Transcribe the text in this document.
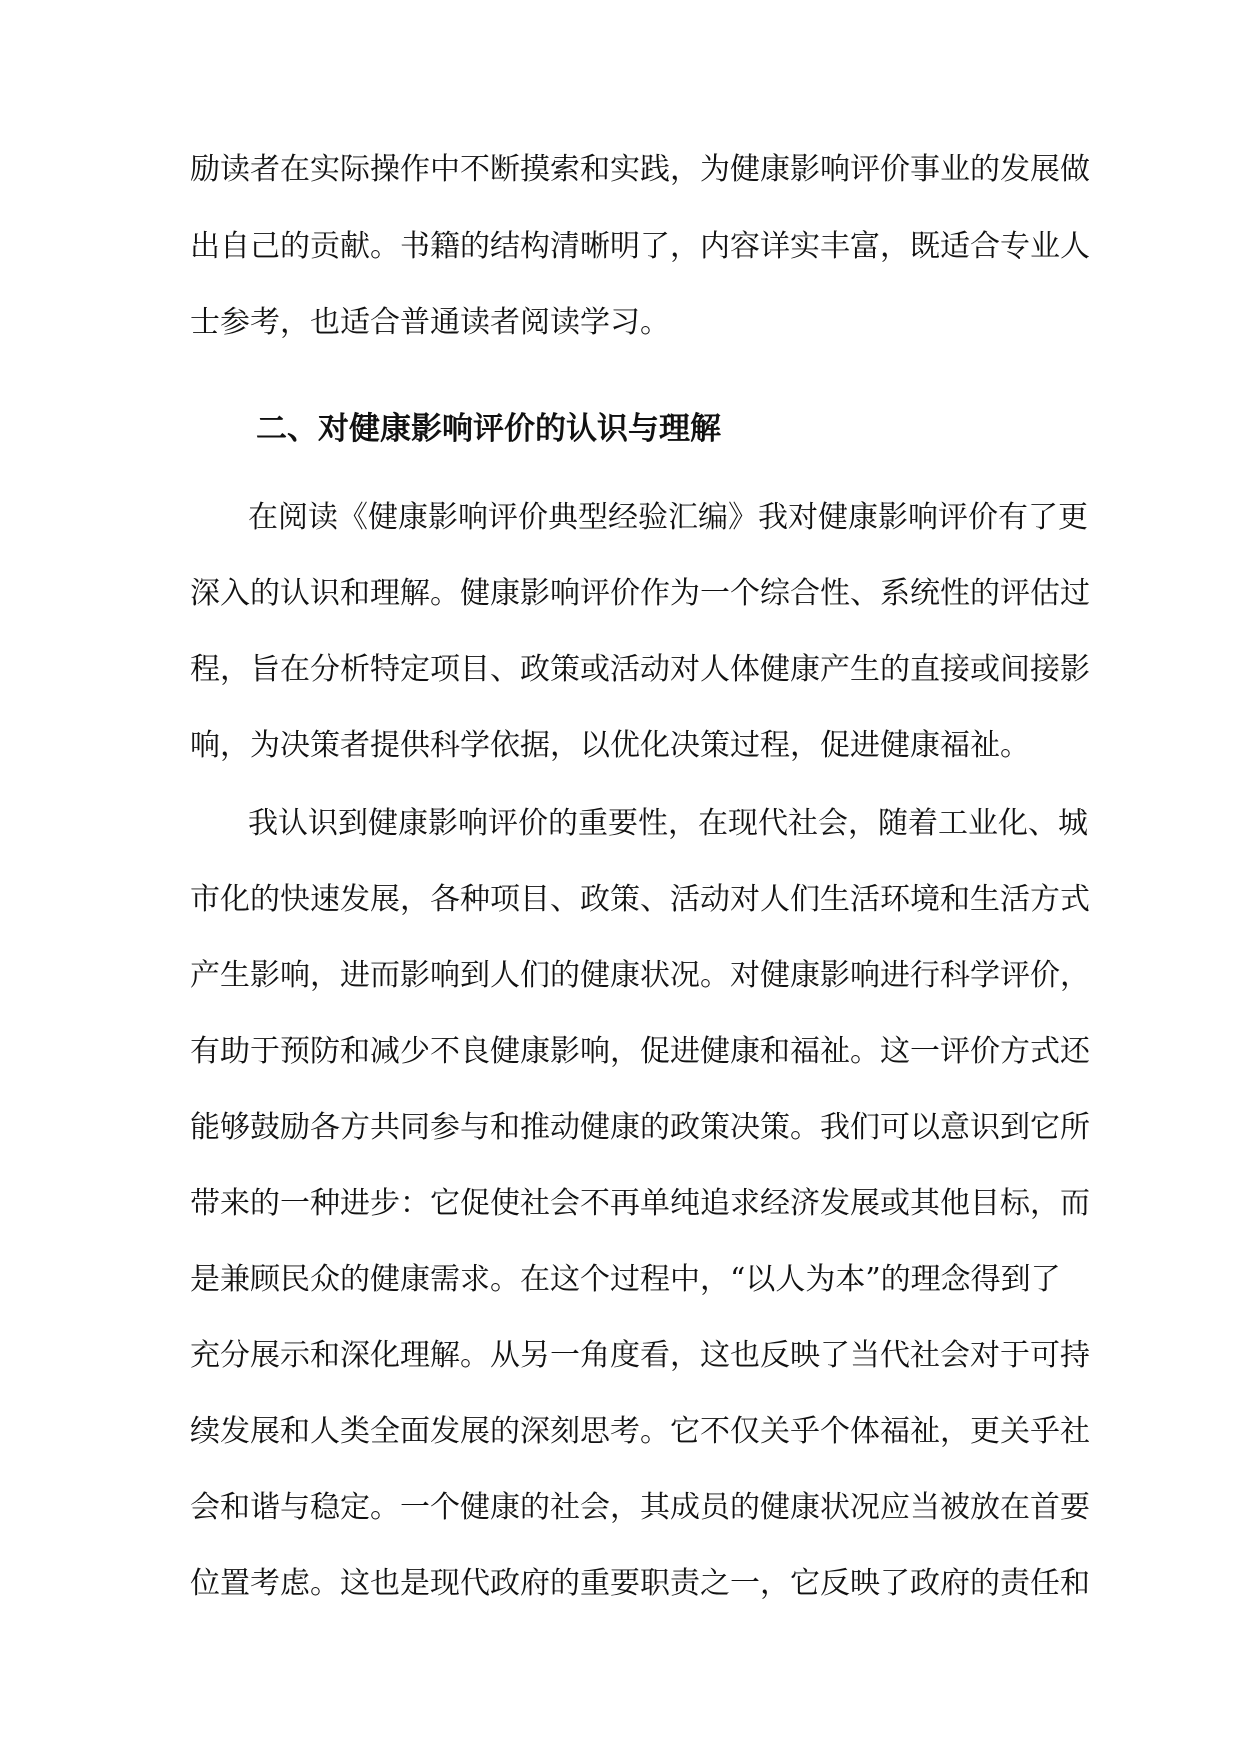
励读者在实际操作中不断摸索和实践，为健康影响评价事业的发展做
出自己的贡献。书籍的结构清晰明了，内容详实丰富，既适合专业人
士参考，也适合普通读者阅读学习。
二、对健康影响评价的认识与理解
在阅读《健康影响评价典型经验汇编》我对健康影响评价有了更
深入的认识和理解。健康影响评价作为一个综合性、系统性的评估过
程，旨在分析特定项目、政策或活动对人体健康产生的直接或间接影
响，为决策者提供科学依据，以优化决策过程，促进健康福祉。
我认识到健康影响评价的重要性，在现代社会，随着工业化、城
市化的快速发展，各种项目、政策、活动对人们生活环境和生活方式
产生影响，进而影响到人们的健康状况。对健康影响进行科学评价，
有助于预防和减少不良健康影响，促进健康和福祉。这一评价方式还
能够鼓励各方共同参与和推动健康的政策决策。我们可以意识到它所
带来的一种进步：它促使社会不再单纯追求经济发展或其他目标，而
是兼顾民众的健康需求。在这个过程中，“以人为本”的理念得到了
充分展示和深化理解。从另一角度看，这也反映了当代社会对于可持
续发展和人类全面发展的深刻思考。它不仅关乎个体福祉，更关乎社
会和谐与稳定。一个健康的社会，其成员的健康状况应当被放在首要
位置考虑。这也是现代政府的重要职责之一，它反映了政府的责任和
